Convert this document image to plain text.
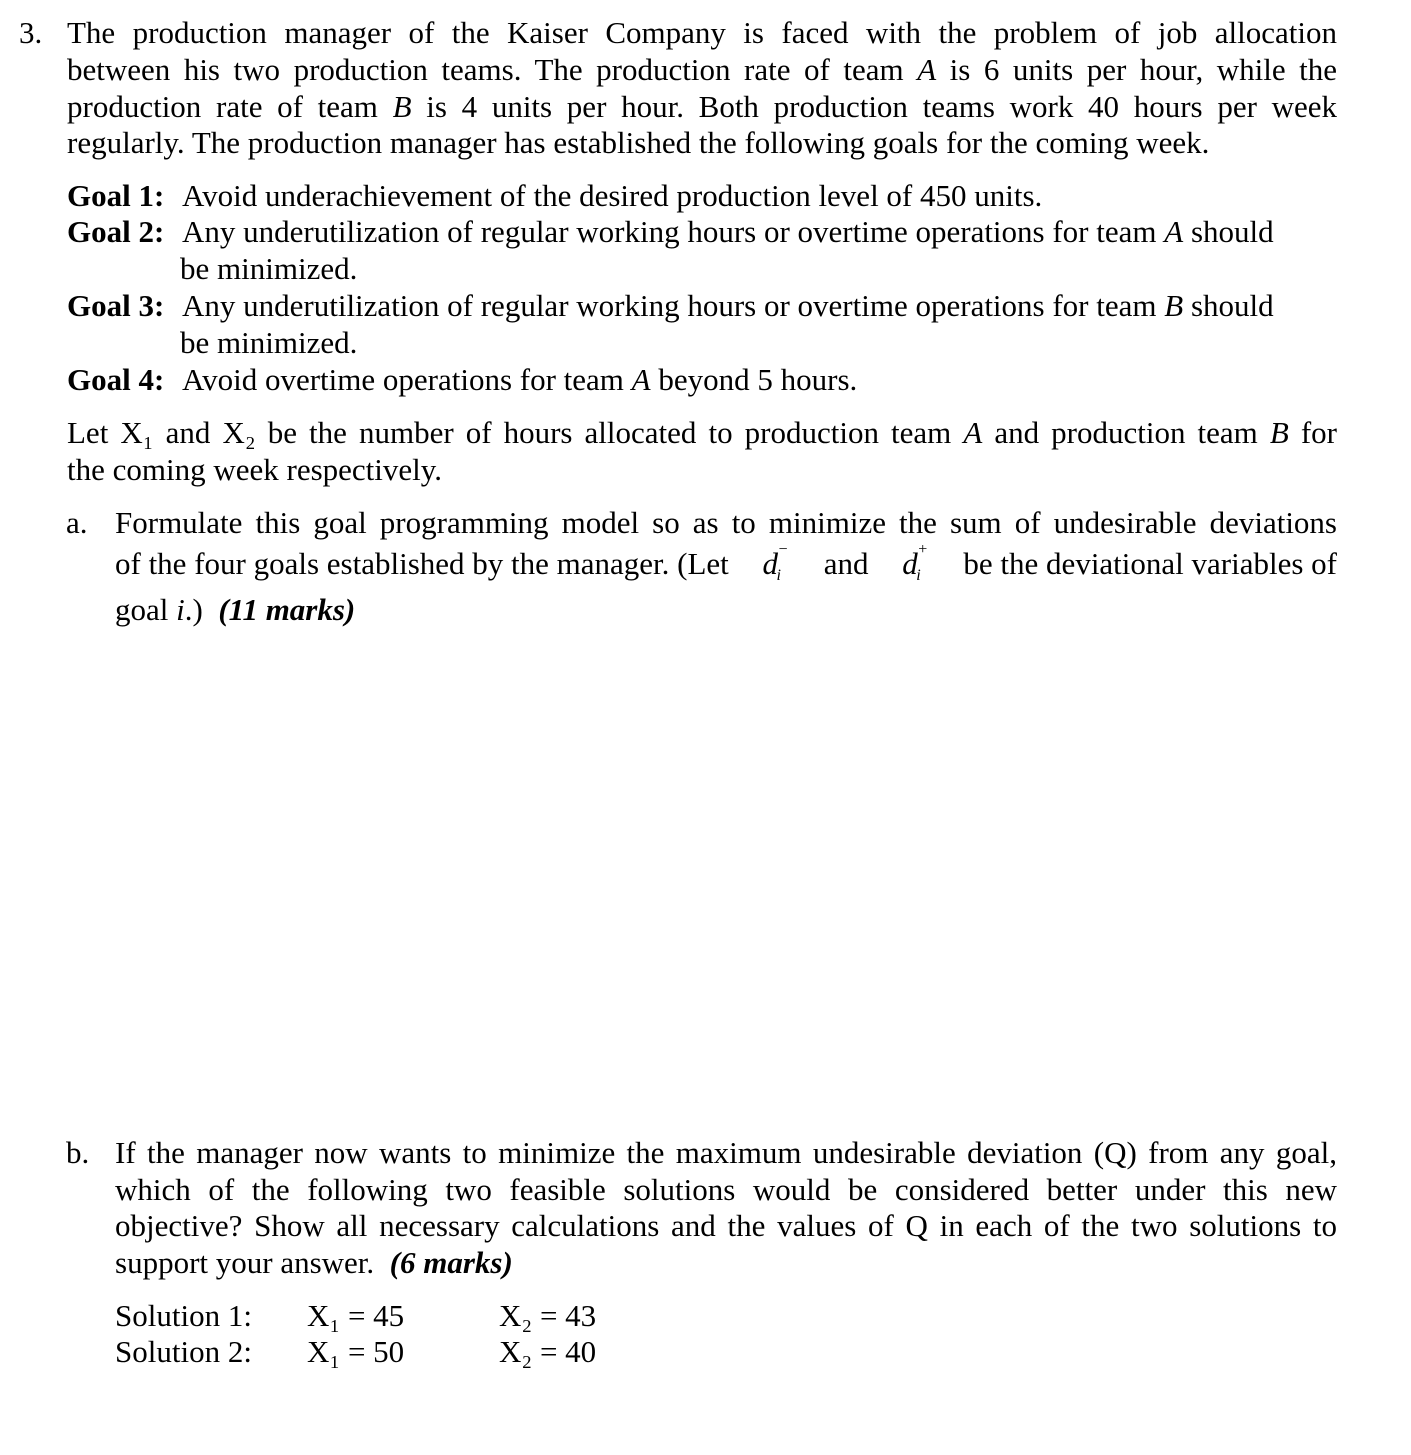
3. The production manager of the Kaiser Company is faced with the problem of job allocation
between his two production teams. The production rate of team A is 6 units per hour, while the
production rate of team B is 4 units per hour. Both production teams work 40 hours per week
regularly. The production manager has established the following goals for the coming week.
Goal 1: Avoid underachievement of the desired production level of 450 units.
Goal 2: Any underutilization of regular working hours or overtime operations for team A should
be minimized.
Goal 3: Any underutilization of regular working hours or overtime operations for team B should
be minimized.
Goal 4: Avoid overtime operations for team A beyond 5 hours.
Let X₁ and X₂ be the number of hours allocated to production team A and production team B for
the coming week respectively.
a. Formulate this goal programming model so as to minimize the sum of undesirable deviations
of the four goals established by the manager. (Let d −
i and d +
i be the deviational variables of
goal i.) (11 marks)
b. If the manager now wants to minimize the maximum undesirable deviation (Q) from any goal,
which of the following two feasible solutions would be considered better under this new
objective? Show all necessary calculations and the values of Q in each of the two solutions to
support your answer. (6 marks)
Solution 1: X₁ = 45	X₂ = 43
Solution 2: X₁ = 50	X₂ = 40
